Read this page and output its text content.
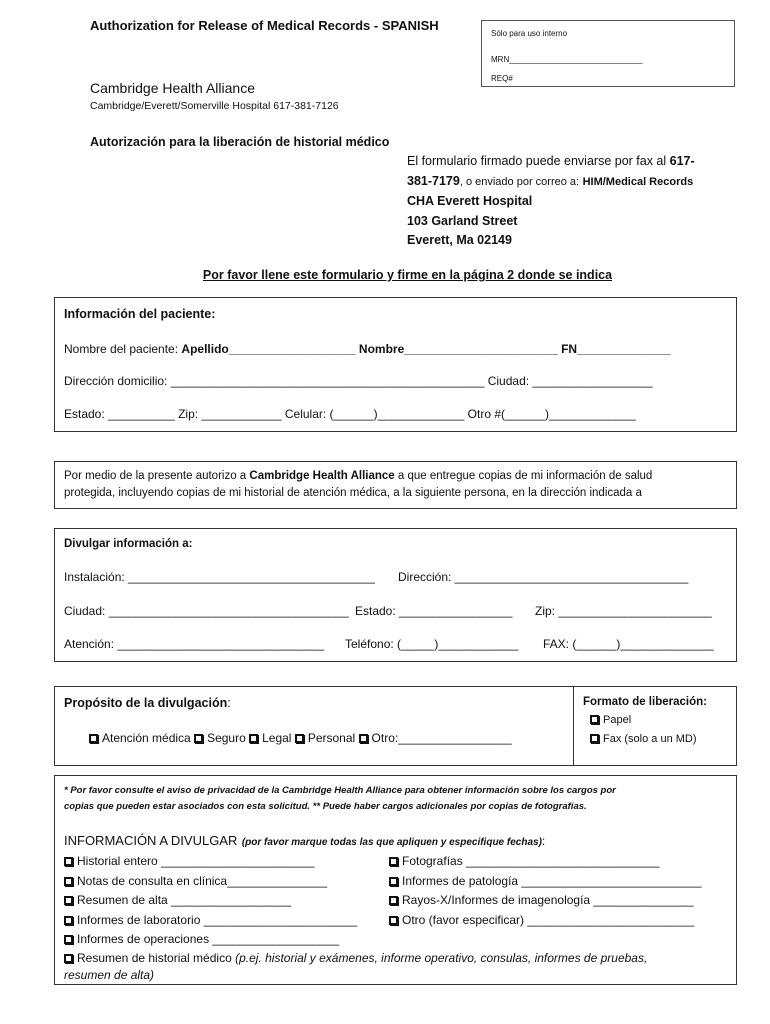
Authorization for Release of Medical Records - SPANISH
Sólo para uso interno
MRN______________________________
REQ#
Cambridge Health Alliance
Cambridge/Everett/Somerville Hospital 617-381-7126
Autorización para la liberación de historial médico
El formulario firmado puede enviarse por fax al 617-
381-7179, o enviado por correo a: HIM/Medical Records
CHA Everett Hospital
103 Garland Street
Everett, Ma 02149
Por favor llene este formulario y firme en la página 2 donde se indica
Información del paciente:
Nombre del paciente: Apellido___________________ Nombre_______________________ FN______________
Dirección domicilio: _______________________________________________ Ciudad: __________________
Estado: __________ Zip: ____________ Celular: (______)_____________ Otro #(______)_____________
Por medio de la presente autorizo a Cambridge Health Alliance a que entregue copias de mi información de salud
protegida, incluyendo copias de mi historial de atención médica, a la siguiente persona, en la dirección indicada a
Divulgar información a:
Instalación: _____________________________________ Dirección: ___________________________________
Ciudad: ____________________________________ Estado: _________________ Zip: _______________________
Atención: _______________________________ Teléfono: (_____)____________ FAX: (______)______________
Propósito de la divulgación:
Atención médica Seguro Legal Personal Otro:_________________
Formato de liberación:
Papel
Fax (solo a un MD)
* Por favor consulte el aviso de privacidad de la Cambridge Health Alliance para obtener información sobre los cargos por
copias que pueden estar asociados con esta solicitud. ** Puede haber cargos adicionales por copias de fotografías.
INFORMACIÓN A DIVULGAR (por favor marque todas las que apliquen y especifique fechas):
Historial entero _______________________
Notas de consulta en clínica_______________
Resumen de alta __________________
Informes de laboratorio _______________________
Informes de operaciones ___________________
Fotografías _____________________________
Informes de patología ___________________________
Rayos-X/Informes de imagenología _______________
Otro (favor especificar) _________________________
Resumen de historial médico (p.ej. historial y exámenes, informe operativo, consulas, informes de pruebas,
resumen de alta)
